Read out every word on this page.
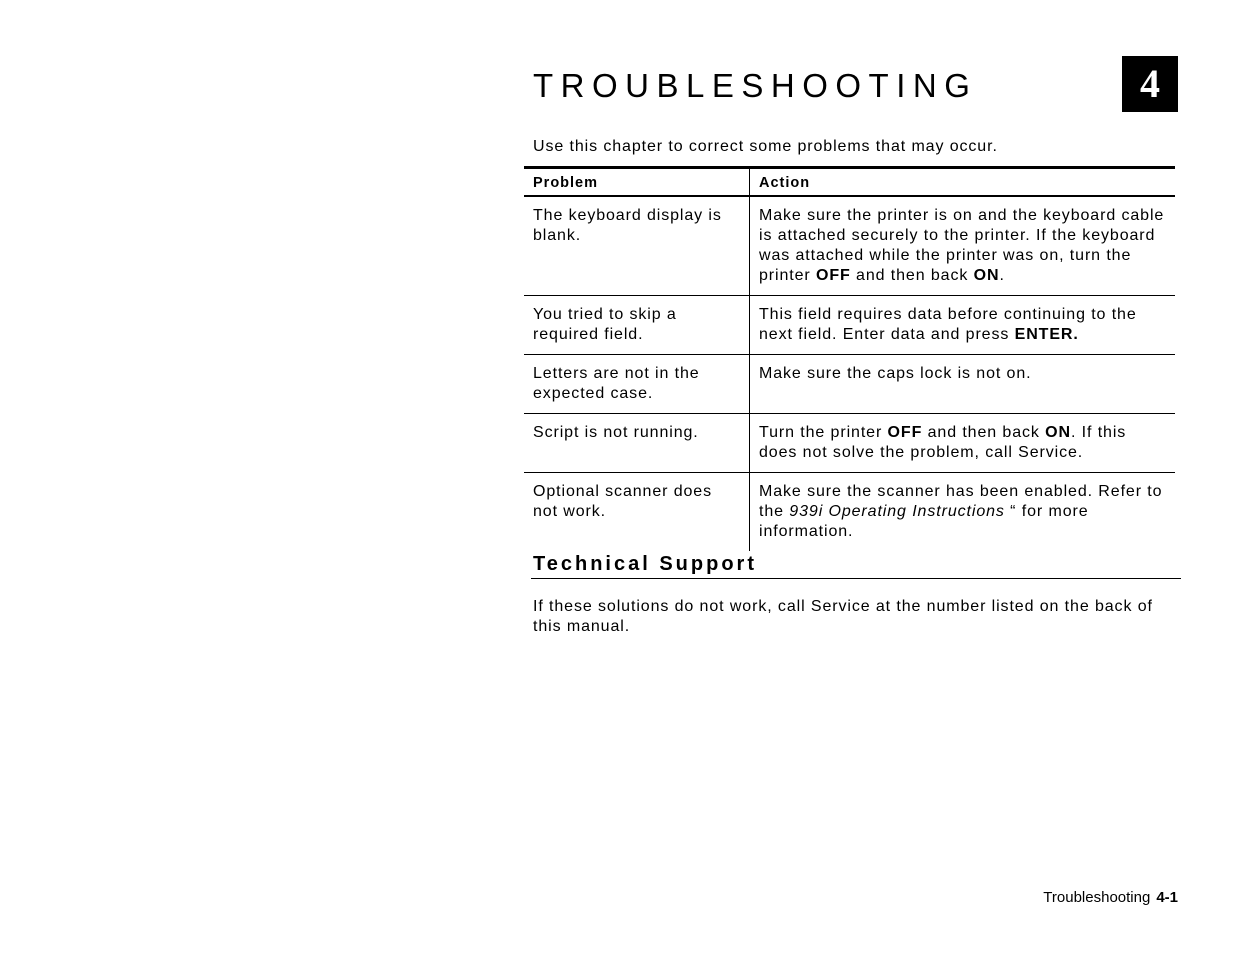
TROUBLESHOOTING	4

Use this chapter to correct some problems that may occur.

Problem	Action
The keyboard display is blank.	Make sure the printer is on and the keyboard cable is attached securely to the printer. If the keyboard was attached while the printer was on, turn the printer OFF and then back ON.
You tried to skip a required field.	This field requires data before continuing to the next field. Enter data and press ENTER.
Letters are not in the expected case.	Make sure the caps lock is not on.
Script is not running.	Turn the printer OFF and then back ON. If this does not solve the problem, call Service.
Optional scanner does not work.	Make sure the scanner has been enabled. Refer to the 939i Operating Instructions “ for more information.
Technical Support

If these solutions do not work, call Service at the number listed on the back of this manual.

Troubleshooting 4-1
